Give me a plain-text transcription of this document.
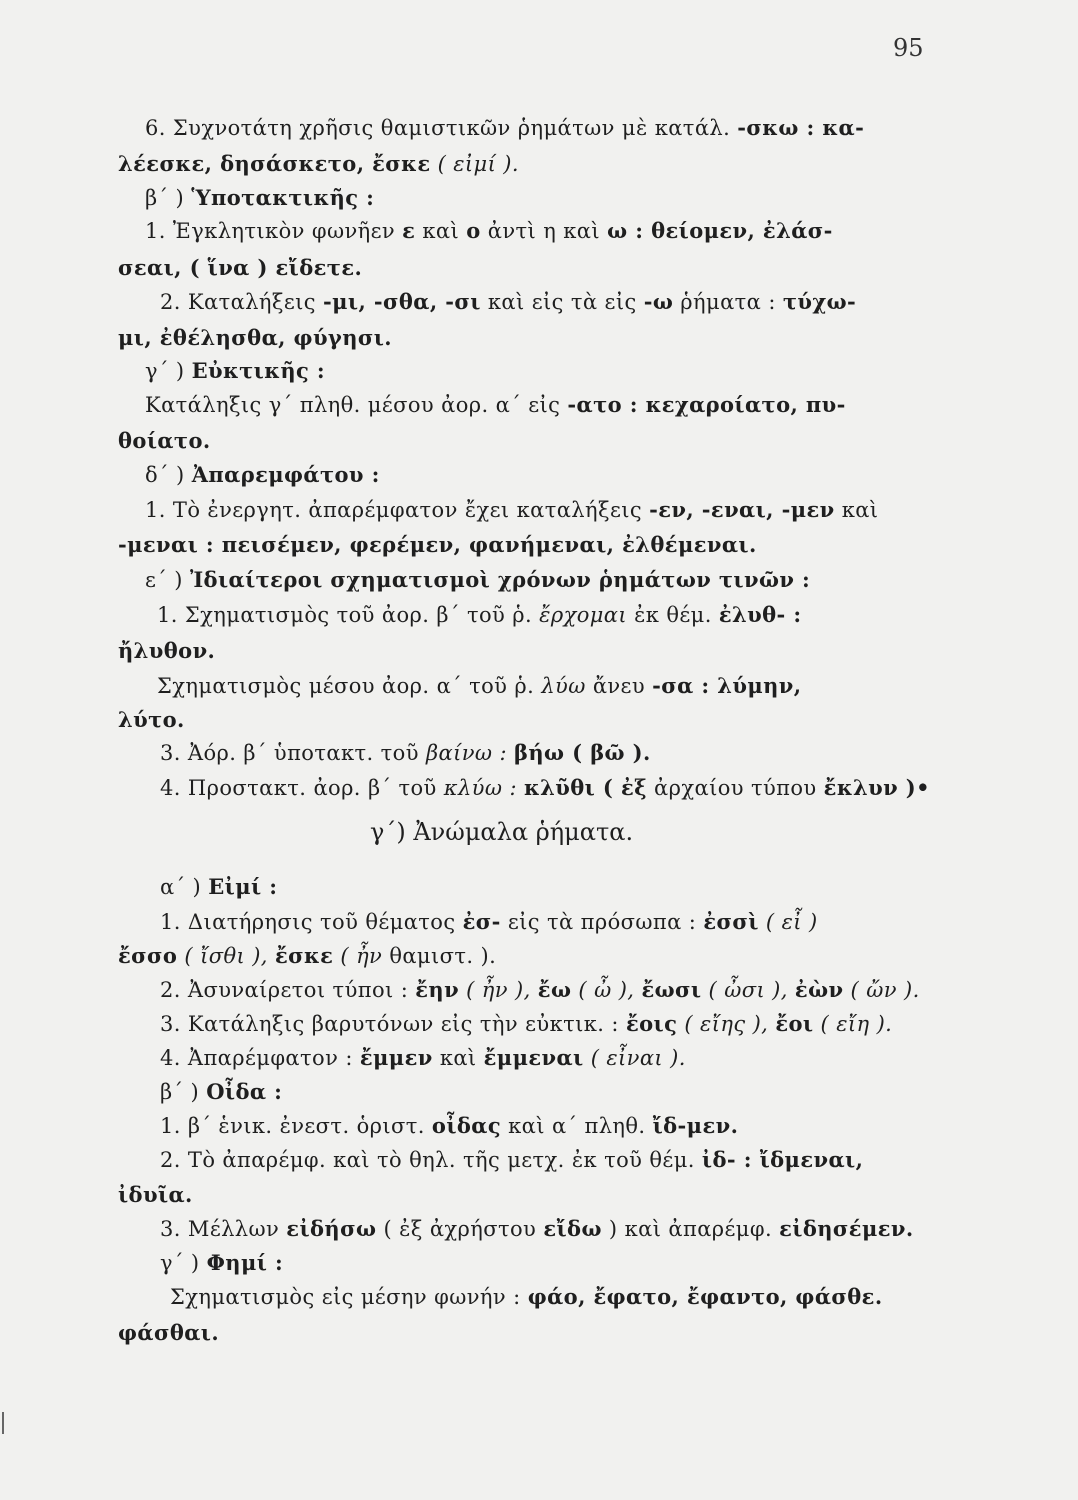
95
6. Συχνοτάτη χρῆσις θαμιστικῶν ῥημάτων μὲ κατάλ. -σκω : κα-
λέεσκε, δησάσκετο, ἔσκε ( εἰμί ).
β΄ ) Ὑποτακτικῆς :
1. Ἐγκλητικὸν φωνῆεν ε καὶ ο ἀντὶ η καὶ ω : θείομεν, ἐλάσ-
σεαι, ( ἵνα ) εἴδετε.
2. Καταλήξεις -μι, -σθα, -σι καὶ εἰς τὰ εἰς -ω ῥήματα : τύχω-
μι, ἐθέλησθα, φύγησι.
γ΄ ) Εὐκτικῆς :
Κατάληξις γ΄ πληθ. μέσου ἀορ. α΄ εἰς -ατο : κεχαροίατο, πυ-
θοίατο.
δ΄ ) Ἀπαρεμφάτου :
1. Τὸ ἐνεργητ. ἀπαρέμφατον ἔχει καταλήξεις -εν, -εναι, -μεν καὶ
-μεναι : πεισέμεν, φερέμεν, φανήμεναι, ἐλθέμεναι.
ε΄ ) Ἰδιαίτεροι σχηματισμοὶ χρόνων ῥημάτων τινῶν :
1. Σχηματισμὸς τοῦ ἀορ. β΄ τοῦ ῥ. ἔρχομαι ἐκ θέμ. ἐλυθ- :
ἤλυθον.
Σχηματισμὸς μέσου ἀορ. α΄ τοῦ ῥ. λύω ἄνευ -σα : λύμην,
λύτο.
3. Ἀόρ. β΄ ὑποτακτ. τοῦ βαίνω : βήω ( βῶ ).
4. Προστακτ. ἀορ. β΄ τοῦ κλύω : κλῦθι ( ἐξ ἀρχαίου τύπου ἔκλυν )•
γ΄) Ἀνώμαλα ῥήματα.
α΄ ) Εἰμί :
1. Διατήρησις τοῦ θέματος ἐσ- εἰς τὰ πρόσωπα : ἐσσὶ ( εἶ )
ἔσσο ( ἴσθι ), ἔσκε ( ἦν θαμιστ. ).
2. Ἀσυναίρετοι τύποι : ἔην ( ἦν ), ἔω ( ὦ ), ἔωσι ( ὦσι ), ἐὼν ( ὤν ).
3. Κατάληξις βαρυτόνων εἰς τὴν εὐκτικ. : ἔοις ( εἴης ), ἔοι ( εἴη ).
4. Ἀπαρέμφατον : ἔμμεν καὶ ἔμμεναι ( εἶναι ).
β΄ ) Οἶδα :
1. β΄ ἑνικ. ἐνεστ. ὁριστ. οἶδας καὶ α΄ πληθ. ἴδ-μεν.
2. Τὸ ἀπαρέμφ. καὶ τὸ θηλ. τῆς μετχ. ἐκ τοῦ θέμ. ἰδ- : ἴδμεναι,
ἰδυῖα.
3. Μέλλων εἰδήσω ( ἐξ ἀχρήστου εἴδω ) καὶ ἀπαρέμφ. εἰδησέμεν.
γ΄ ) Φημί :
Σχηματισμὸς εἰς μέσην φωνήν : φάο, ἔφατο, ἔφαντο, φάσθε.
φάσθαι.
